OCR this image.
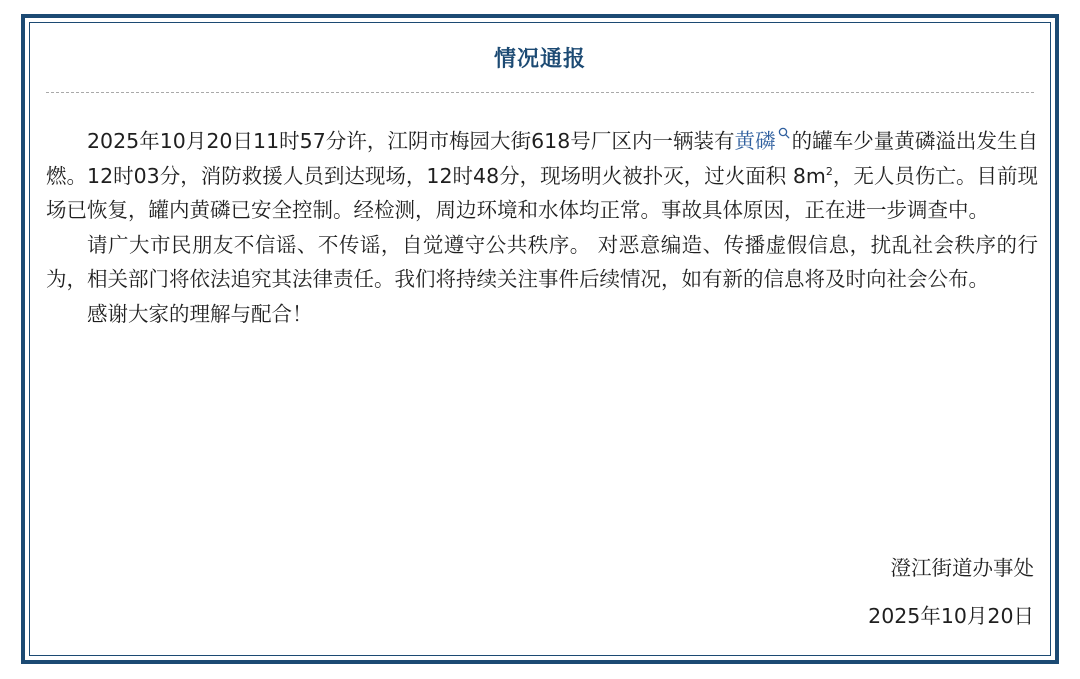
情况通报

2025年10月20日11时57分许，江阴市梅园大街618号厂区内一辆装有黄磷 的罐车少量黄磷溢出发生自燃。12时03分，消防救援人员到达现场，12时48分，现场明火被扑灭，过火面积 $8m^2$，无人员伤亡。目前现场已恢复，罐内黄磷已安全控制。经检测，周边环境和水体均正常。事故具体原因，正在进一步调查中。

请广大市民朋友不信谣、不传谣，自觉遵守公共秩序。 对恶意编造、传播虚假信息，扰乱社会秩序的行为，相关部门将依法追究其法律责任。我们将持续关注事件后续情况，如有新的信息将及时向社会公布。

感谢大家的理解与配合！

澄江街道办事处
2025年10月20日
